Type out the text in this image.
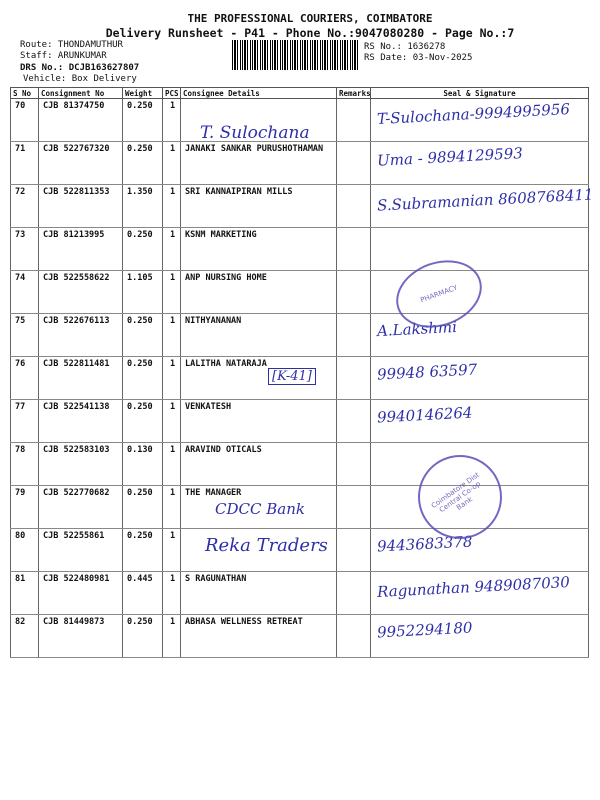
THE PROFESSIONAL COURIERS, COIMBATORE
Delivery Runsheet - P41 - Phone No.:9047080280 - Page No.:7
Route: THONDAMUTHUR
Staff: ARUNKUMAR
DRS No.: DCJB163627807
Vehicle: Box Delivery
RS No.: 1636278
RS Date: 03-Nov-2025
S No	Consignment No	Weight	PCS	Consignee Details	Remarks	Seal & Signature
70	CJB 81374750	0.250	1			T-Sulochana-9994995956

71	CJB 522767320	0.250	1	JANAKI SANKAR PURUSHOTHAMAN		Uma - 9894129593

72	CJB 522811353	1.350	1	SRI KANNAIPIRAN MILLS		S.Subramanian 8608768411

73	CJB 81213995	0.250	1	KSNM MARKETING		

74	CJB 522558622	1.105	1	ANP NURSING HOME		

75	CJB 522676113	0.250	1	NITHYANANAN		A.Lakshmi

76	CJB 522811481	0.250	1	LALITHA NATARAJA		99948 63597

77	CJB 522541138	0.250	1	VENKATESH		9940146264

78	CJB 522583103	0.130	1	ARAVIND OTICALS		

79	CJB 522770682	0.250	1	THE MANAGER		

80	CJB 52255861	0.250	1			9443683378

81	CJB 522480981	0.445	1	S RAGUNATHAN		Ragunathan 9489087030

82	CJB 81449873	0.250	1	ABHASA WELLNESS RETREAT		9952294180
T. Sulochana
[K-41]
CDCC Bank
Reka Traders
PHARMACY
Coimbatore Dist Central Co-op Bank
